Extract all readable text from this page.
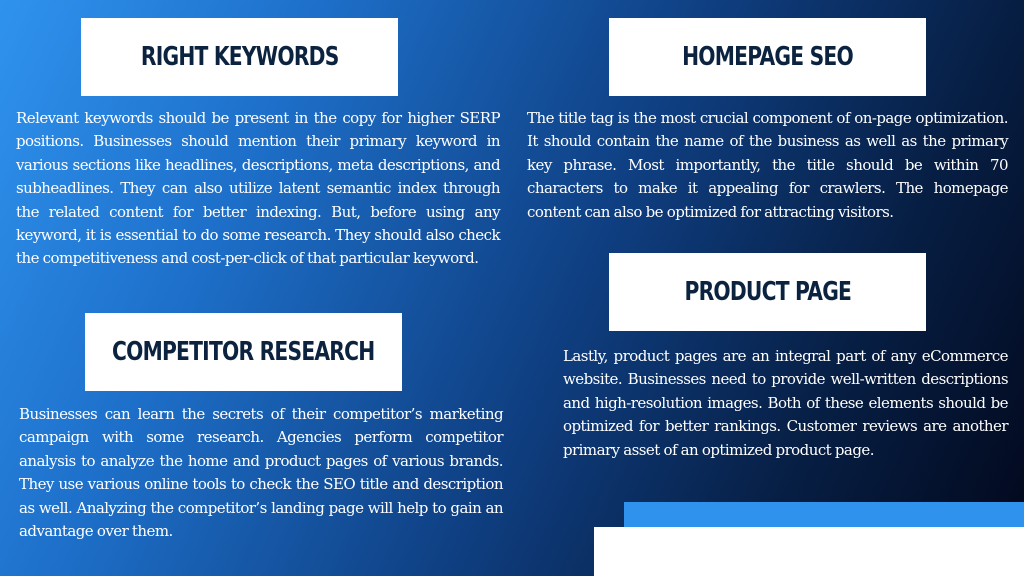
RIGHT KEYWORDS

Relevant keywords should be present in the copy for higher SERP positions. Businesses should mention their primary keyword in various sections like headlines, descriptions, meta descriptions, and subheadlines. They can also utilize latent semantic index through the related content for better indexing. But, before using any keyword, it is essential to do some research. They should also check the competitiveness and cost-per-click of that particular keyword.

HOMEPAGE SEO

The title tag is the most crucial component of on-page optimization. It should contain the name of the business as well as the primary key phrase. Most importantly, the title should be within 70 characters to make it appealing for crawlers. The homepage content can also be optimized for attracting visitors.

PRODUCT PAGE

Lastly, product pages are an integral part of any eCommerce website. Businesses need to provide well-written descriptions and high-resolution images. Both of these elements should be optimized for better rankings. Customer reviews are another primary asset of an optimized product page.

COMPETITOR RESEARCH

Businesses can learn the secrets of their competitor’s marketing campaign with some research. Agencies perform competitor analysis to analyze the home and product pages of various brands. They use various online tools to check the SEO title and description as well. Analyzing the competitor’s landing page will help to gain an advantage over them.
